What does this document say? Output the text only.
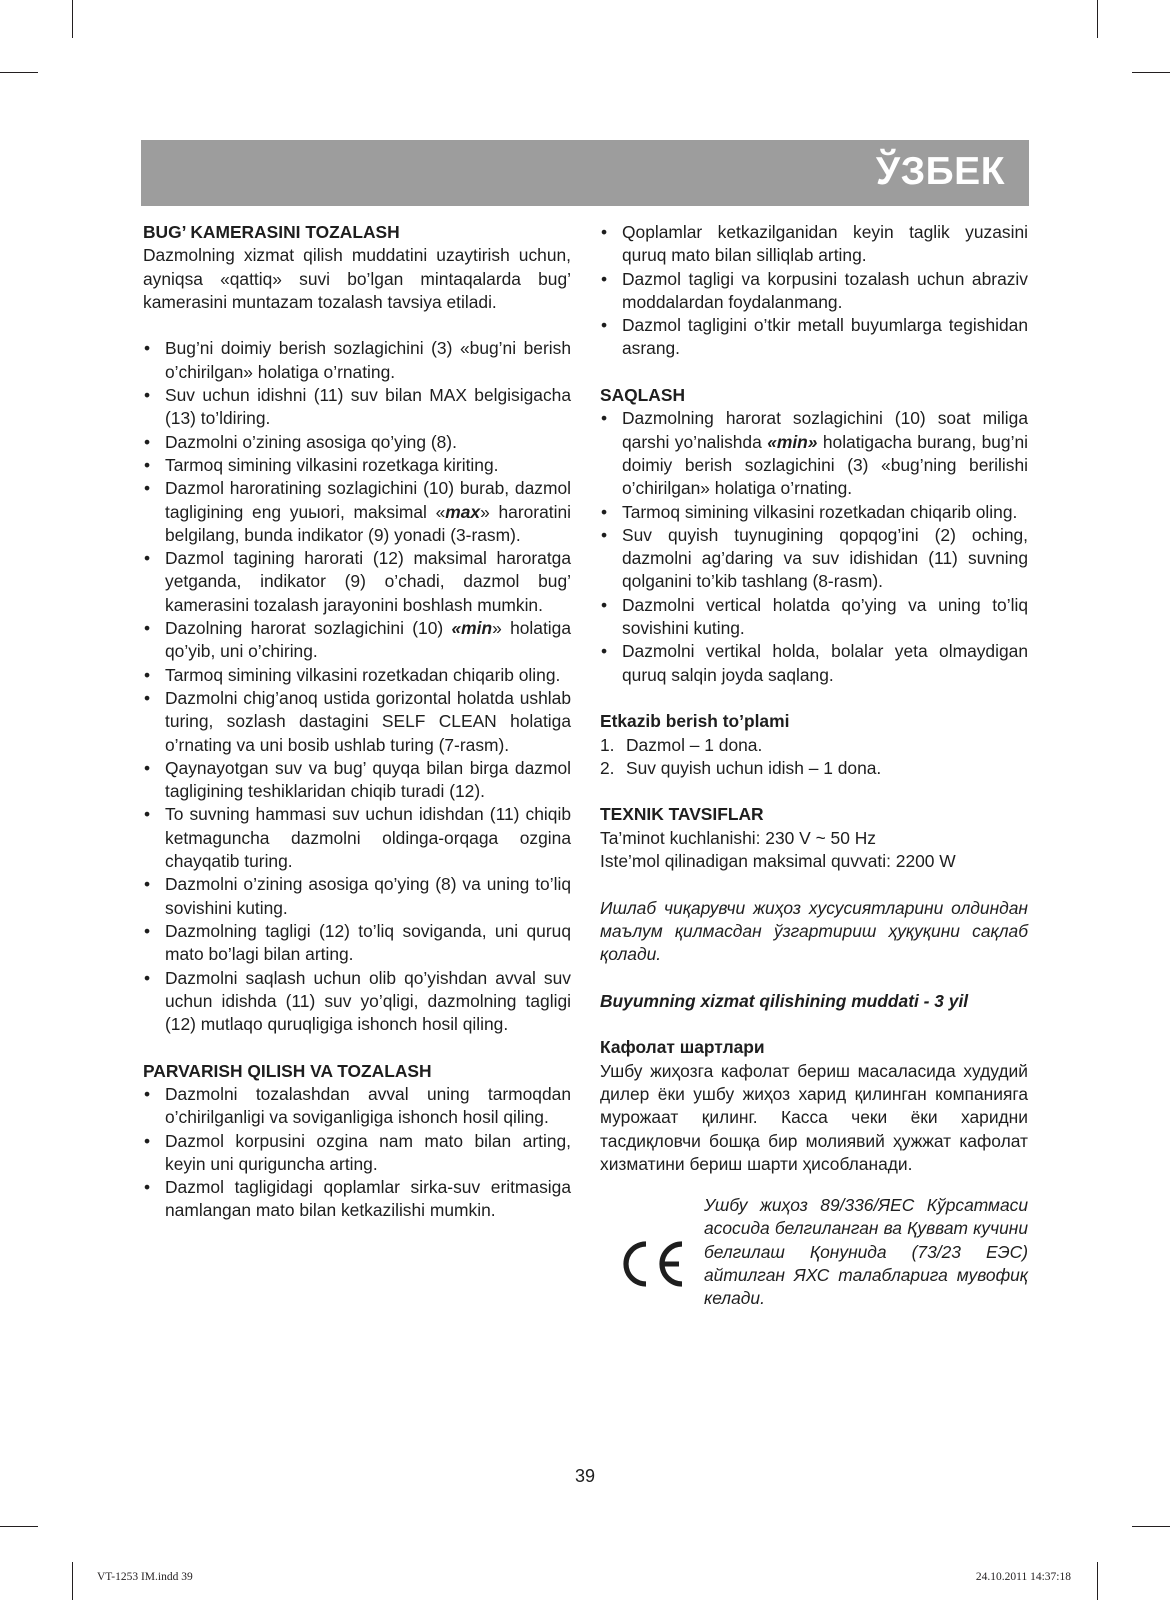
ЎЗБЕК
BUG’ KAMERASINI TOZALASH

Dazmolning xizmat qilish muddatini uzaytirish uchun, ayniqsa «qattiq» suvi bo’lgan mintaqalarda bug’ kamerasini muntazam tozalash tavsiya etiladi.

• Bug’ni doimiy berish sozlagichini (3) «bug’ni berish o’chirilgan» holatiga o’rnating.
• Suv uchun idishni (11) suv bilan MAX belgisigacha (13) to’ldiring.
• Dazmolni o’zining asosiga qo’ying (8).
• Tarmoq simining vilkasini rozetkaga kiriting.
• Dazmol haroratining sozlagichini (10) burab, dazmol tagligining eng yuыori, maksimal «max» haroratini belgilang, bunda indikator (9) yonadi (3-rasm).
• Dazmol tagining harorati (12) maksimal haroratga yetganda, indikator (9) o’chadi, dazmol bug’ kamerasini tozalash jarayonini boshlash mumkin.
• Dazolning harorat sozlagichini (10) «min» holatiga qo’yib, uni o’chiring.
• Tarmoq simining vilkasini rozetkadan chiqarib oling.
• Dazmolni chig’anoq ustida gorizontal holatda ushlab turing, sozlash dastagini SELF CLEAN holatiga o’rnating va uni bosib ushlab turing (7-rasm).
• Qaynayotgan suv va bug’ quyqa bilan birga dazmol tagligining teshiklaridan chiqib turadi (12).
• To suvning hammasi suv uchun idishdan (11) chiqib ketmagunchа dazmolni oldinga-orqaga ozgina chayqatib turing.
• Dazmolni o’zining asosiga qo’ying (8) va uning to’liq sovishini kuting.
• Dazmolning tagligi (12) to’liq soviganda, uni quruq mato bo’lagi bilan arting.
• Dazmolni saqlash uchun olib qo’yishdan avval suv uchun idishda (11) suv yo’qligi, dazmolning tagligi (12) mutlaqo quruqligiga ishonch hosil qiling.
PARVARISH QILISH VA TOZALASH
• Dazmolni tozalashdan avval uning tarmoqdan o’chirilganligi va soviganligiga ishonch hosil qiling.
• Dazmol korpusini ozgina nam mato bilan arting, keyin uni qurigunchа arting.
• Dazmol tagligidagi qoplamlar sirka-suv eritmasiga namlangan mato bilan ketkazilishi mumkin.
• Qoplamlar ketkazilganidan keyin taglik yuzasini quruq mato bilan silliqlab arting.
• Dazmol tagligi va korpusini tozalash uchun abraziv moddalardan foydalanmang.
• Dazmol tagligini o’tkir metall buyumlarga tegishidan asrang.
SAQLASH
• Dazmolning harorat sozlagichini (10) soat miliga qarshi yo’nalishda «min» holatigacha burang, bug’ni doimiy berish sozlagichini (3) «bug’ning berilishi o’chirilgan» holatiga o’rnating.
• Tarmoq simining vilkasini rozetkadan chiqarib oling.
• Suv quyish tuynugining qopqog’ini (2) oching, dazmolni ag’daring va suv idishidan (11) suvning qolganini to’kib tashlang (8-rasm).
• Dazmolni vertical holatda qo’ying va uning to’liq sovishini kuting.
• Dazmolni vertikal holda, bolalar yeta olmaydigan quruq salqin joyda saqlang.
Etkazib berish to’plami
1. Dazmol – 1 dona.
2. Suv quyish uchun idish – 1 dona.
TEXNIK TAVSIFLAR
Ta’minot kuchlanishi: 230 V ~ 50 Hz
Iste’mol qilinadigan maksimal quvvati: 2200 W

Ишлаб чиқарувчи жиҳоз хусусиятларини олдиндан маълум қилмасдан ўзгартириш ҳуқуқини сақлаб қолади.

Buyumning xizmat qilishining muddati - 3 yil
Кафолат шартлари

Ушбу жиҳозга кафолат бериш масаласида худудий дилер ёки ушбу жиҳоз харид қилинган компанияга мурожаат қилинг. Касса чеки ёки харидни тасдиқловчи бошқа бир молиявий ҳужжат кафолат хизматини бериш шарти ҳисобланади.

Ушбу жиҳоз 89/336/ЯЕС Кўрсатмаси асосида белгиланган ва Қувват кучини белгилаш Қонунида (73/23 ЕЭС) айтилган ЯХС талабларига мувофиқ келади.
39
VT-1253 IM.indd 39	24.10.2011 14:37:18
